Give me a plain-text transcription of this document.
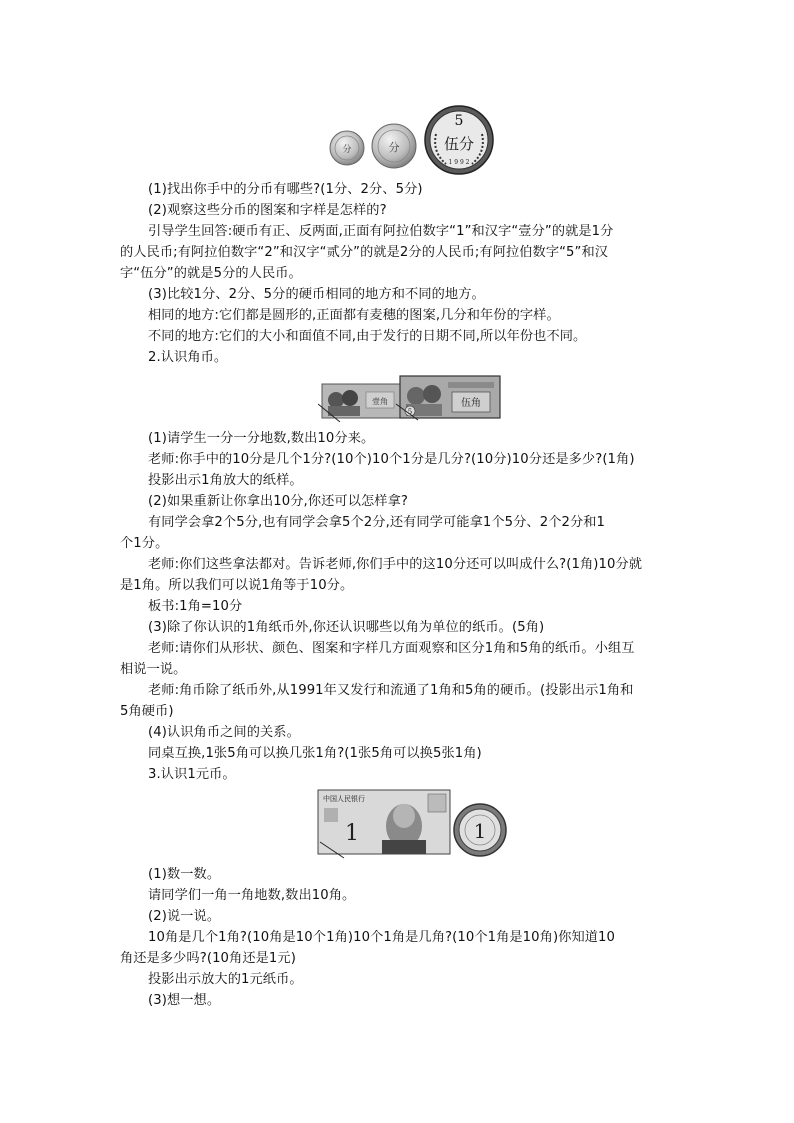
分	分
5
伍分
1 9 9 2
壹角	伍角
5
中国人民银行
1	1
(1)找出你手中的分币有哪些?(1分、2分、5分)
(2)观察这些分币的图案和字样是怎样的?
引导学生回答:硬币有正、反两面,正面有阿拉伯数字“1”和汉字“壹分”的就是1分
的人民币;有阿拉伯数字“2”和汉字“贰分”的就是2分的人民币;有阿拉伯数字“5”和汉
字“伍分”的就是5分的人民币。
(3)比较1分、2分、5分的硬币相同的地方和不同的地方。
相同的地方:它们都是圆形的,正面都有麦穗的图案,几分和年份的字样。
不同的地方:它们的大小和面值不同,由于发行的日期不同,所以年份也不同。
2.认识角币。
(1)请学生一分一分地数,数出10分来。
老师:你手中的10分是几个1分?(10个)10个1分是几分?(10分)10分还是多少?(1角)
投影出示1角放大的纸样。
(2)如果重新让你拿出10分,你还可以怎样拿?
有同学会拿2个5分,也有同学会拿5个2分,还有同学可能拿1个5分、2个2分和1
个1分。
老师:你们这些拿法都对。告诉老师,你们手中的这10分还可以叫成什么?(1角)10分就
是1角。所以我们可以说1角等于10分。
板书:1角=10分
(3)除了你认识的1角纸币外,你还认识哪些以角为单位的纸币。(5角)
老师:请你们从形状、颜色、图案和字样几方面观察和区分1角和5角的纸币。小组互
相说一说。
老师:角币除了纸币外,从1991年又发行和流通了1角和5角的硬币。(投影出示1角和
5角硬币)
(4)认识角币之间的关系。
同桌互换,1张5角可以换几张1角?(1张5角可以换5张1角)
3.认识1元币。
(1)数一数。
请同学们一角一角地数,数出10角。
(2)说一说。
10角是几个1角?(10角是10个1角)10个1角是几角?(10个1角是10角)你知道10
角还是多少吗?(10角还是1元)
投影出示放大的1元纸币。
(3)想一想。
